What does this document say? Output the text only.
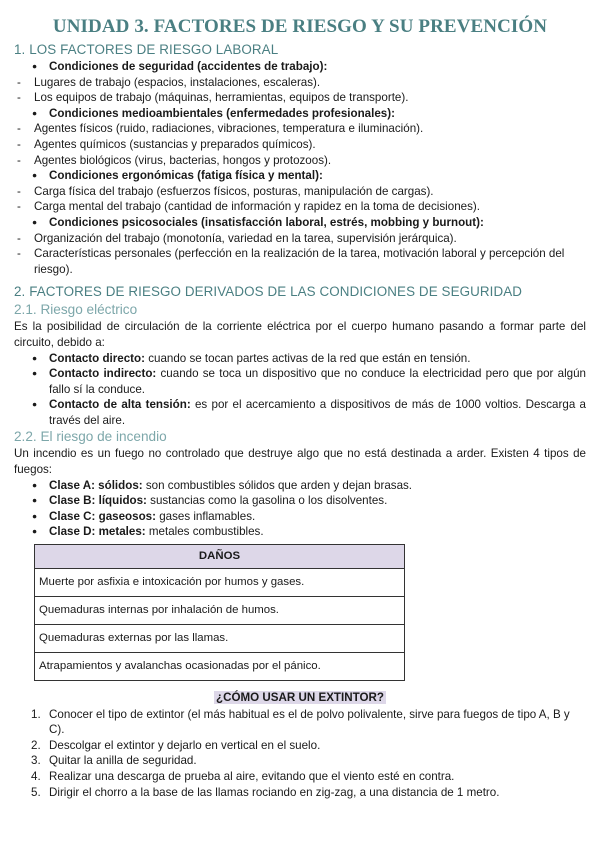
UNIDAD 3. FACTORES DE RIESGO Y SU PREVENCIÓN
1. LOS FACTORES DE RIESGO LABORAL
● Condiciones de seguridad (accidentes de trabajo):
- Lugares de trabajo (espacios, instalaciones, escaleras).
- Los equipos de trabajo (máquinas, herramientas, equipos de transporte).
● Condiciones medioambientales (enfermedades profesionales):
- Agentes físicos (ruido, radiaciones, vibraciones, temperatura e iluminación).
- Agentes químicos (sustancias y preparados químicos).
- Agentes biológicos (virus, bacterias, hongos y protozoos).
● Condiciones ergonómicas (fatiga física y mental):
- Carga física del trabajo (esfuerzos físicos, posturas, manipulación de cargas).
- Carga mental del trabajo (cantidad de información y rapidez en la toma de decisiones).
● Condiciones psicosociales (insatisfacción laboral, estrés, mobbing y burnout):
- Organización del trabajo (monotonía, variedad en la tarea, supervisión jerárquica).
- Características personales (perfección en la realización de la tarea, motivación laboral y percepción del riesgo).
2. FACTORES DE RIESGO DERIVADOS DE LAS CONDICIONES DE SEGURIDAD
2.1. Riesgo eléctrico

Es la posibilidad de circulación de la corriente eléctrica por el cuerpo humano pasando a formar parte del circuito, debido a:

● Contacto directo: cuando se tocan partes activas de la red que están en tensión.
● Contacto indirecto: cuando se toca un dispositivo que no conduce la electricidad pero que por algún fallo sí la conduce.
● Contacto de alta tensión: es por el acercamiento a dispositivos de más de 1000 voltios. Descarga a través del aire.
2.2. El riesgo de incendio

Un incendio es un fuego no controlado que destruye algo que no está destinada a arder. Existen 4 tipos de fuegos:

● Clase A: sólidos: son combustibles sólidos que arden y dejan brasas.
● Clase B: líquidos: sustancias como la gasolina o los disolventes.
● Clase C: gaseosos: gases inflamables.
● Clase D: metales: metales combustibles.
DAÑOS
Muerte por asfixia e intoxicación por humos y gases.
Quemaduras internas por inhalación de humos.
Quemaduras externas por las llamas.
Atrapamientos y avalanchas ocasionadas por el pánico.
¿CÓMO USAR UN EXTINTOR?
1. Conocer el tipo de extintor (el más habitual es el de polvo polivalente, sirve para fuegos de tipo A, B y C).
2. Descolgar el extintor y dejarlo en vertical en el suelo.
3. Quitar la anilla de seguridad.
4. Realizar una descarga de prueba al aire, evitando que el viento esté en contra.
5. Dirigir el chorro a la base de las llamas rociando en zig-zag, a una distancia de 1 metro.
